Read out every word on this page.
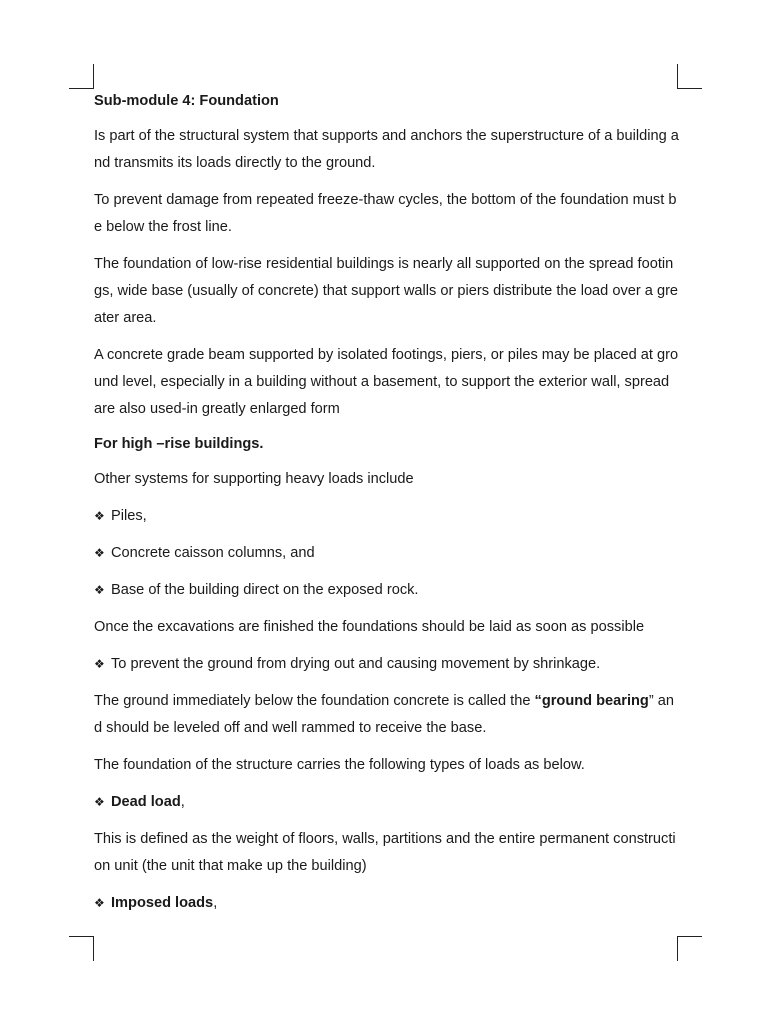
Sub-module 4: Foundation

Is part of the structural system that supports and anchors the superstructure of a building and transmits its loads directly to the ground.

To prevent damage from repeated freeze-thaw cycles, the bottom of the foundation must be below the frost line.

The foundation of low-rise residential buildings is nearly all supported on the spread footings, wide base (usually of concrete) that support walls or piers distribute the load over a greater area.

A concrete grade beam supported by isolated footings, piers, or piles may be placed at ground level, especially in a building without a basement, to support the exterior wall, spread are also used-in greatly enlarged form

For high –rise buildings.

Other systems for supporting heavy loads include

❖ Piles,

❖ Concrete caisson columns, and

❖ Base of the building direct on the exposed rock.

Once the excavations are finished the foundations should be laid as soon as possible

❖ To prevent the ground from drying out and causing movement by shrinkage.

The ground immediately below the foundation concrete is called the “ground bearing” and should be leveled off and well rammed to receive the base.

The foundation of the structure carries the following types of loads as below.

❖ Dead load,

This is defined as the weight of floors, walls, partitions and the entire permanent construction unit (the unit that make up the building)

❖ Imposed loads,
